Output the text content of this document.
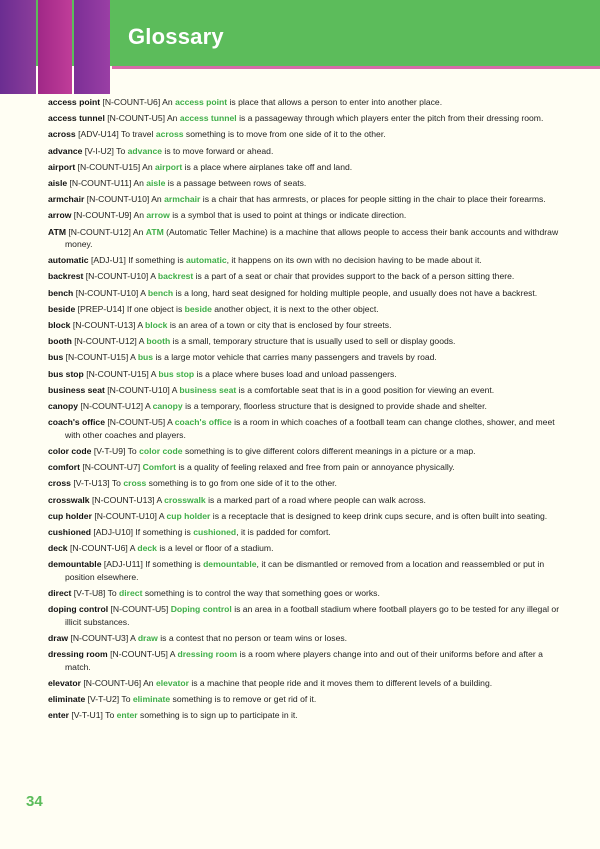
Glossary

access point [N-COUNT-U6] An access point is place that allows a person to enter into another place.

access tunnel [N-COUNT-U5] An access tunnel is a passageway through which players enter the pitch from their dressing room.

across [ADV-U14] To travel across something is to move from one side of it to the other.

advance [V-I-U2] To advance is to move forward or ahead.

airport [N-COUNT-U15] An airport is a place where airplanes take off and land.

aisle [N-COUNT-U11] An aisle is a passage between rows of seats.

armchair [N-COUNT-U10] An armchair is a chair that has armrests, or places for people sitting in the chair to place their forearms.

arrow [N-COUNT-U9] An arrow is a symbol that is used to point at things or indicate direction.

ATM [N-COUNT-U12] An ATM (Automatic Teller Machine) is a machine that allows people to access their bank accounts and withdraw money.

automatic [ADJ-U1] If something is automatic, it happens on its own with no decision having to be made about it.

backrest [N-COUNT-U10] A backrest is a part of a seat or chair that provides support to the back of a person sitting there.

bench [N-COUNT-U10] A bench is a long, hard seat designed for holding multiple people, and usually does not have a backrest.

beside [PREP-U14] If one object is beside another object, it is next to the other object.

block [N-COUNT-U13] A block is an area of a town or city that is enclosed by four streets.

booth [N-COUNT-U12] A booth is a small, temporary structure that is usually used to sell or display goods.

bus [N-COUNT-U15] A bus is a large motor vehicle that carries many passengers and travels by road.

bus stop [N-COUNT-U15] A bus stop is a place where buses load and unload passengers.

business seat [N-COUNT-U10] A business seat is a comfortable seat that is in a good position for viewing an event.

canopy [N-COUNT-U12] A canopy is a temporary, floorless structure that is designed to provide shade and shelter.

coach's office [N-COUNT-U5] A coach's office is a room in which coaches of a football team can change clothes, shower, and meet with other coaches and players.

color code [V-T-U9] To color code something is to give different colors different meanings in a picture or a map.

comfort [N-COUNT-U7] Comfort is a quality of feeling relaxed and free from pain or annoyance physically.

cross [V-T-U13] To cross something is to go from one side of it to the other.

crosswalk [N-COUNT-U13] A crosswalk is a marked part of a road where people can walk across.

cup holder [N-COUNT-U10] A cup holder is a receptacle that is designed to keep drink cups secure, and is often built into seating.

cushioned [ADJ-U10] If something is cushioned, it is padded for comfort.

deck [N-COUNT-U6] A deck is a level or floor of a stadium.

demountable [ADJ-U11] If something is demountable, it can be dismantled or removed from a location and reassembled or put in position elsewhere.

direct [V-T-U8] To direct something is to control the way that something goes or works.

doping control [N-COUNT-U5] Doping control is an area in a football stadium where football players go to be tested for any illegal or illicit substances.

draw [N-COUNT-U3] A draw is a contest that no person or team wins or loses.

dressing room [N-COUNT-U5] A dressing room is a room where players change into and out of their uniforms before and after a match.

elevator [N-COUNT-U6] An elevator is a machine that people ride and it moves them to different levels of a building.

eliminate [V-T-U2] To eliminate something is to remove or get rid of it.

enter [V-T-U1] To enter something is to sign up to participate in it.

34
